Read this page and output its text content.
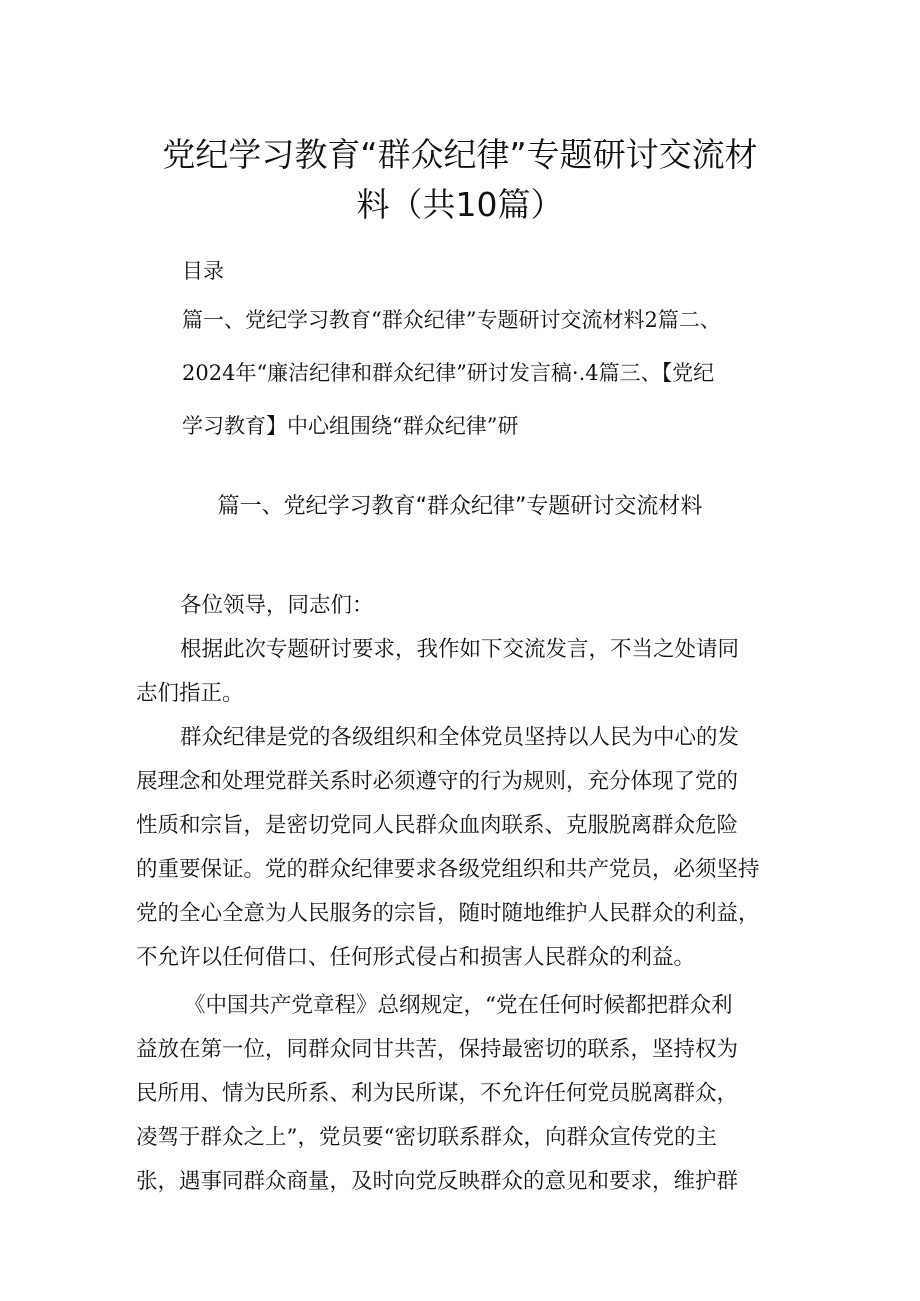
党纪学习教育“群众纪律”专题研讨交流材
料（共10篇）
目录
篇一、党纪学习教育“群众纪律”专题研讨交流材料2篇二、
2024年“廉洁纪律和群众纪律”研讨发言稿·.4篇三、【党纪
学习教育】中心组围绕“群众纪律”研
篇一、党纪学习教育“群众纪律”专题研讨交流材料
各位领导，同志们：
根据此次专题研讨要求，我作如下交流发言，不当之处请同
志们指正。
群众纪律是党的各级组织和全体党员坚持以人民为中心的发
展理念和处理党群关系时必须遵守的行为规则，充分体现了党的
性质和宗旨，是密切党同人民群众血肉联系、克服脱离群众危险
的重要保证。党的群众纪律要求各级党组织和共产党员，必须坚持
党的全心全意为人民服务的宗旨，随时随地维护人民群众的利益，
不允许以任何借口、任何形式侵占和损害人民群众的利益。
《中国共产党章程》总纲规定，“党在任何时候都把群众利
益放在第一位，同群众同甘共苦，保持最密切的联系，坚持权为
民所用、情为民所系、利为民所谋，不允许任何党员脱离群众，
凌驾于群众之上”，党员要“密切联系群众，向群众宣传党的主
张，遇事同群众商量，及时向党反映群众的意见和要求，维护群
